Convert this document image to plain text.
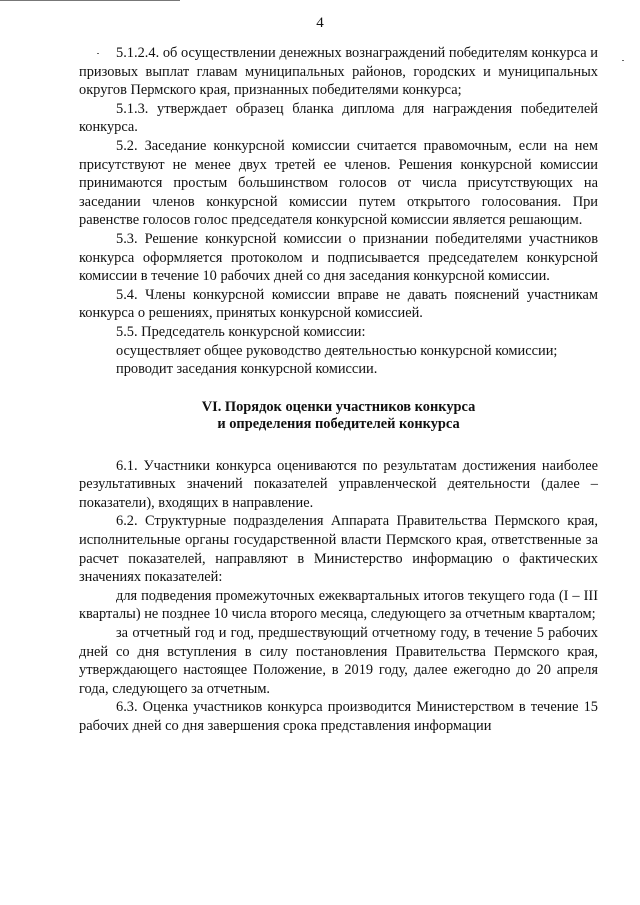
4

5.1.2.4. об осуществлении денежных вознаграждений победителям конкурса и призовых выплат главам муниципальных районов, городских и муниципальных округов Пермского края, признанных победителями конкурса;

5.1.3. утверждает образец бланка диплома для награждения победителей конкурса.

5.2. Заседание конкурсной комиссии считается правомочным, если на нем присутствуют не менее двух третей ее членов. Решения конкурсной комиссии принимаются простым большинством голосов от числа присутствующих на заседании членов конкурсной комиссии путем открытого голосования. При равенстве голосов голос председателя конкурсной комиссии является решающим.

5.3. Решение конкурсной комиссии о признании победителями участников конкурса оформляется протоколом и подписывается председателем конкурсной комиссии в течение 10 рабочих дней со дня заседания конкурсной комиссии.

5.4. Члены конкурсной комиссии вправе не давать пояснений участникам конкурса о решениях, принятых конкурсной комиссией.

5.5. Председатель конкурсной комиссии:

осуществляет общее руководство деятельностью конкурсной комиссии;

проводит заседания конкурсной комиссии.

VI. Порядок оценки участников конкурса
и определения победителей конкурса

6.1. Участники конкурса оцениваются по результатам достижения наиболее результативных значений показателей управленческой деятельности (далее – показатели), входящих в направление.

6.2. Структурные подразделения Аппарата Правительства Пермского края, исполнительные органы государственной власти Пермского края, ответственные за расчет показателей, направляют в Министерство информацию о фактических значениях показателей:

для подведения промежуточных ежеквартальных итогов текущего года (I – III кварталы) не позднее 10 числа второго месяца, следующего за отчетным кварталом;

за отчетный год и год, предшествующий отчетному году, в течение 5 рабочих дней со дня вступления в силу постановления Правительства Пермского края, утверждающего настоящее Положение, в 2019 году, далее ежегодно до 20 апреля года, следующего за отчетным.

6.3. Оценка участников конкурса производится Министерством в течение 15 рабочих дней со дня завершения срока представления информации
